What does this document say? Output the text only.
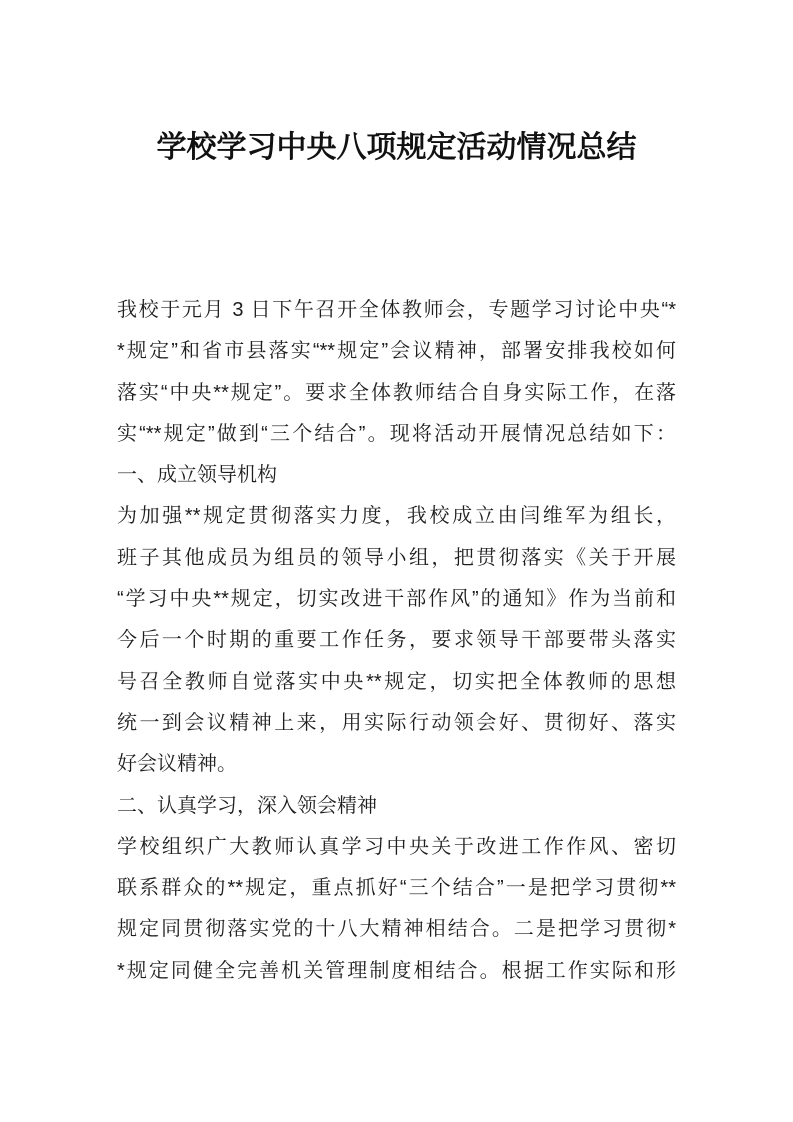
学校学习中央八项规定活动情况总结
我校于元月 3 日下午召开全体教师会，专题学习讨论中央“*
*规定”和省市县落实“**规定”会议精神，部署安排我校如何
落实“中央**规定”。要求全体教师结合自身实际工作，在落
实“**规定”做到“三个结合”。现将活动开展情况总结如下：
一、成立领导机构
为加强**规定贯彻落实力度，我校成立由闫维军为组长，
班子其他成员为组员的领导小组，把贯彻落实《关于开展
“学习中央**规定，切实改进干部作风”的通知》作为当前和
今后一个时期的重要工作任务，要求领导干部要带头落实
号召全教师自觉落实中央**规定，切实把全体教师的思想
统一到会议精神上来，用实际行动领会好、贯彻好、落实
好会议精神。
二、认真学习，深入领会精神
学校组织广大教师认真学习中央关于改进工作作风、密切
联系群众的**规定，重点抓好“三个结合”一是把学习贯彻**
规定同贯彻落实党的十八大精神相结合。二是把学习贯彻*
*规定同健全完善机关管理制度相结合。根据工作实际和形
